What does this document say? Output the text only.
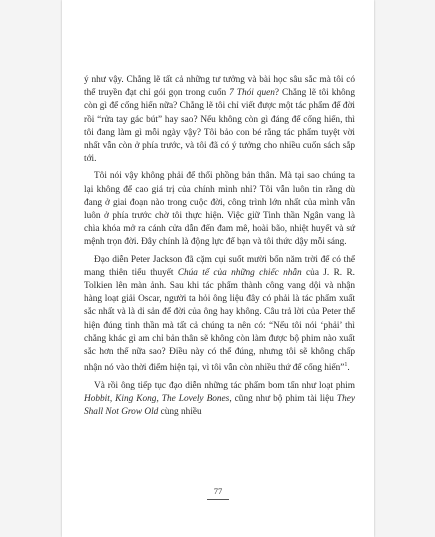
ý như vậy. Chẳng lẽ tất cả những tư tưởng và bài học sâu sắc mà tôi có thể truyền đạt chỉ gói gọn trong cuốn 7 Thói quen? Chẳng lẽ tôi không còn gì để cống hiến nữa? Chẳng lẽ tôi chỉ viết được một tác phẩm để đời rồi “rửa tay gác bút” hay sao? Nếu không còn gì đáng để cống hiến, thì tôi đang làm gì mỗi ngày vậy? Tôi bảo con bé rằng tác phẩm tuyệt vời nhất vẫn còn ở phía trước, và tôi đã có ý tưởng cho nhiều cuốn sách sắp tới.

Tôi nói vậy không phải để thổi phồng bản thân. Mà tại sao chúng ta lại không để cao giá trị của chính mình nhỉ? Tôi vẫn luôn tin rằng dù đang ở giai đoạn nào trong cuộc đời, công trình lớn nhất của mình vẫn luôn ở phía trước chờ tôi thực hiện. Việc giữ Tinh thần Ngân vang là chìa khóa mở ra cánh cửa dẫn đến đam mê, hoài bão, nhiệt huyết và sứ mệnh trọn đời. Đây chính là động lực để bạn và tôi thức dậy mỗi sáng.

Đạo diễn Peter Jackson đã cặm cụi suốt mười bốn năm trời để có thể mang thiên tiểu thuyết Chúa tể của những chiếc nhẫn của J. R. R. Tolkien lên màn ảnh. Sau khi tác phẩm thành công vang dội và nhận hàng loạt giải Oscar, người ta hỏi ông liệu đây có phải là tác phẩm xuất sắc nhất và là di sản để đời của ông hay không. Câu trả lời của Peter thể hiện đúng tinh thần mà tất cả chúng ta nên có: “Nếu tôi nói ‘phải’ thì chẳng khác gì am chỉ bản thân sẽ không còn làm được bộ phim nào xuất sắc hơn thế nữa sao? Điều này có thể đúng, nhưng tôi sẽ không chấp nhận nó vào thời điểm hiện tại, vì tôi vẫn còn nhiều thứ để cống hiến”$^1$.

Và rồi ông tiếp tục đạo diễn những tác phẩm bom tấn như loạt phim Hobbit, King Kong, The Lovely Bones, cũng như bộ phim tài liệu They Shall Not Grow Old cùng nhiều

77
